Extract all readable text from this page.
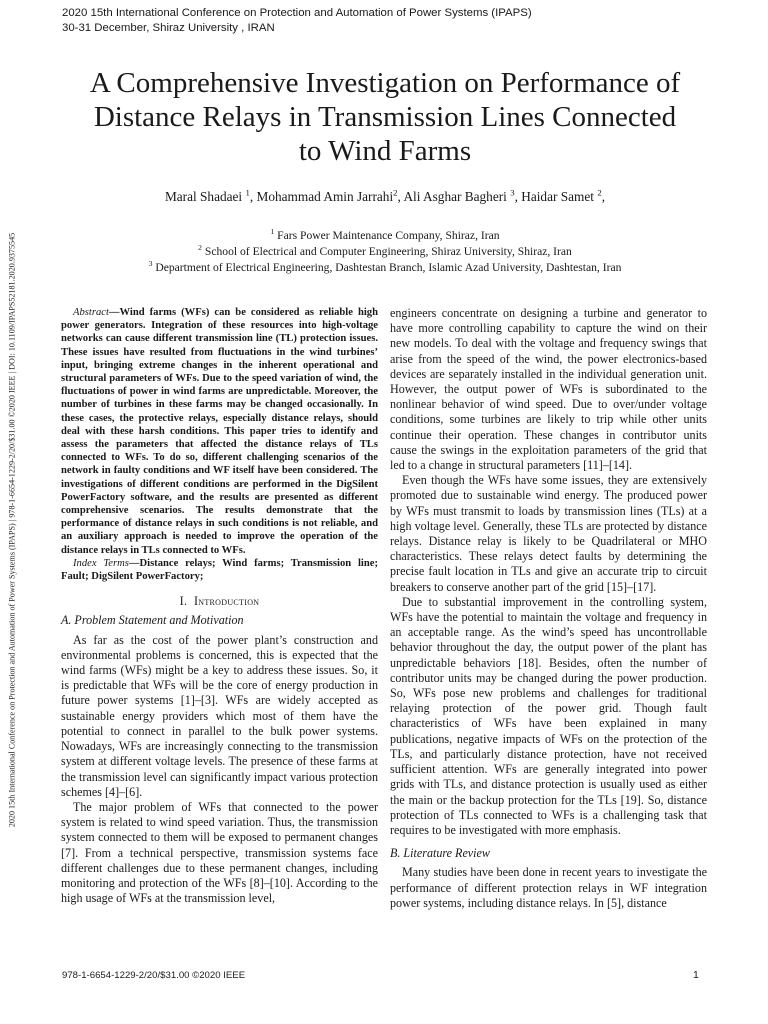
2020 15th International Conference on Protection and Automation of Power Systems (IPAPS)
30-31 December, Shiraz University , IRAN
2020 15th International Conference on Protection and Automation of Power Systems (IPAPS) | 978-1-6654-1229-2/20/$31.00 ©2020 IEEE | DOI: 10.1109/IPAPS52181.2020.9375545
A Comprehensive Investigation on Performance of
Distance Relays in Transmission Lines Connected
to Wind Farms
Maral Shadaei $^1$, Mohammad Amin Jarrahi$^2$, Ali Asghar Bagheri $^3$, Haidar Samet $^2$,
$^1$ Fars Power Maintenance Company, Shiraz, Iran
$^2$ School of Electrical and Computer Engineering, Shiraz University, Shiraz, Iran
$^3$ Department of Electrical Engineering, Dashtestan Branch, Islamic Azad University, Dashtestan, Iran

Abstract—Wind farms (WFs) can be considered as reliable high power generators. Integration of these resources into high-voltage networks can cause different transmission line (TL) protection issues. These issues have resulted from fluctuations in the wind turbines’ input, bringing extreme changes in the inherent operational and structural parameters of WFs. Due to the speed variation of wind, the fluctuations of power in wind farms are unpredictable. Moreover, the number of turbines in these farms may be changed occasionally. In these cases, the protective relays, especially distance relays, should deal with these harsh conditions. This paper tries to identify and assess the parameters that affected the distance relays of TLs connected to WFs. To do so, different challenging scenarios of the network in faulty conditions and WF itself have been considered. The investigations of different conditions are performed in the DigSilent PowerFactory software, and the results are presented as different comprehensive scenarios. The results demonstrate that the performance of distance relays in such conditions is not reliable, and an auxiliary approach is needed to improve the operation of the distance relays in TLs connected to WFs.

Index Terms—Distance relays; Wind farms; Transmission line; Fault; DigSilent PowerFactory;

I. Introduction

A. Problem Statement and Motivation

As far as the cost of the power plant’s construction and environmental problems is concerned, this is expected that the wind farms (WFs) might be a key to address these issues. So, it is predictable that WFs will be the core of energy production in future power systems [1]–[3]. WFs are widely accepted as sustainable energy providers which most of them have the potential to connect in parallel to the bulk power systems. Nowadays, WFs are increasingly connecting to the transmission system at different voltage levels. The presence of these farms at the transmission level can significantly impact various protection schemes [4]–[6].

The major problem of WFs that connected to the power system is related to wind speed variation. Thus, the transmission system connected to them will be exposed to permanent changes [7]. From a technical perspective, transmission systems face different challenges due to these permanent changes, including monitoring and protection of the WFs [8]–[10]. According to the high usage of WFs at the transmission level,

engineers concentrate on designing a turbine and generator to have more controlling capability to capture the wind on their new models. To deal with the voltage and frequency swings that arise from the speed of the wind, the power electronics-based devices are separately installed in the individual generation unit. However, the output power of WFs is subordinated to the nonlinear behavior of wind speed. Due to over/under voltage conditions, some turbines are likely to trip while other units continue their operation. These changes in contributor units cause the swings in the exploitation parameters of the grid that led to a change in structural parameters [11]–[14].

Even though the WFs have some issues, they are extensively promoted due to sustainable wind energy. The produced power by WFs must transmit to loads by transmission lines (TLs) at a high voltage level. Generally, these TLs are protected by distance relays. Distance relay is likely to be Quadrilateral or MHO characteristics. These relays detect faults by determining the precise fault location in TLs and give an accurate trip to circuit breakers to conserve another part of the grid [15]–[17].

Due to substantial improvement in the controlling system, WFs have the potential to maintain the voltage and frequency in an acceptable range. As the wind’s speed has uncontrollable behavior throughout the day, the output power of the plant has unpredictable behaviors [18]. Besides, often the number of contributor units may be changed during the power production. So, WFs pose new problems and challenges for traditional relaying protection of the power grid. Though fault characteristics of WFs have been explained in many publications, negative impacts of WFs on the protection of the TLs, and particularly distance protection, have not received sufficient attention. WFs are generally integrated into power grids with TLs, and distance protection is usually used as either the main or the backup protection for the TLs [19]. So, distance protection of TLs connected to WFs is a challenging task that requires to be investigated with more emphasis.

B. Literature Review

Many studies have been done in recent years to investigate the performance of different protection relays in WF integration power systems, including distance relays. In [5], distance

978-1-6654-1229-2/20/$31.00 ©2020 IEEE	1
